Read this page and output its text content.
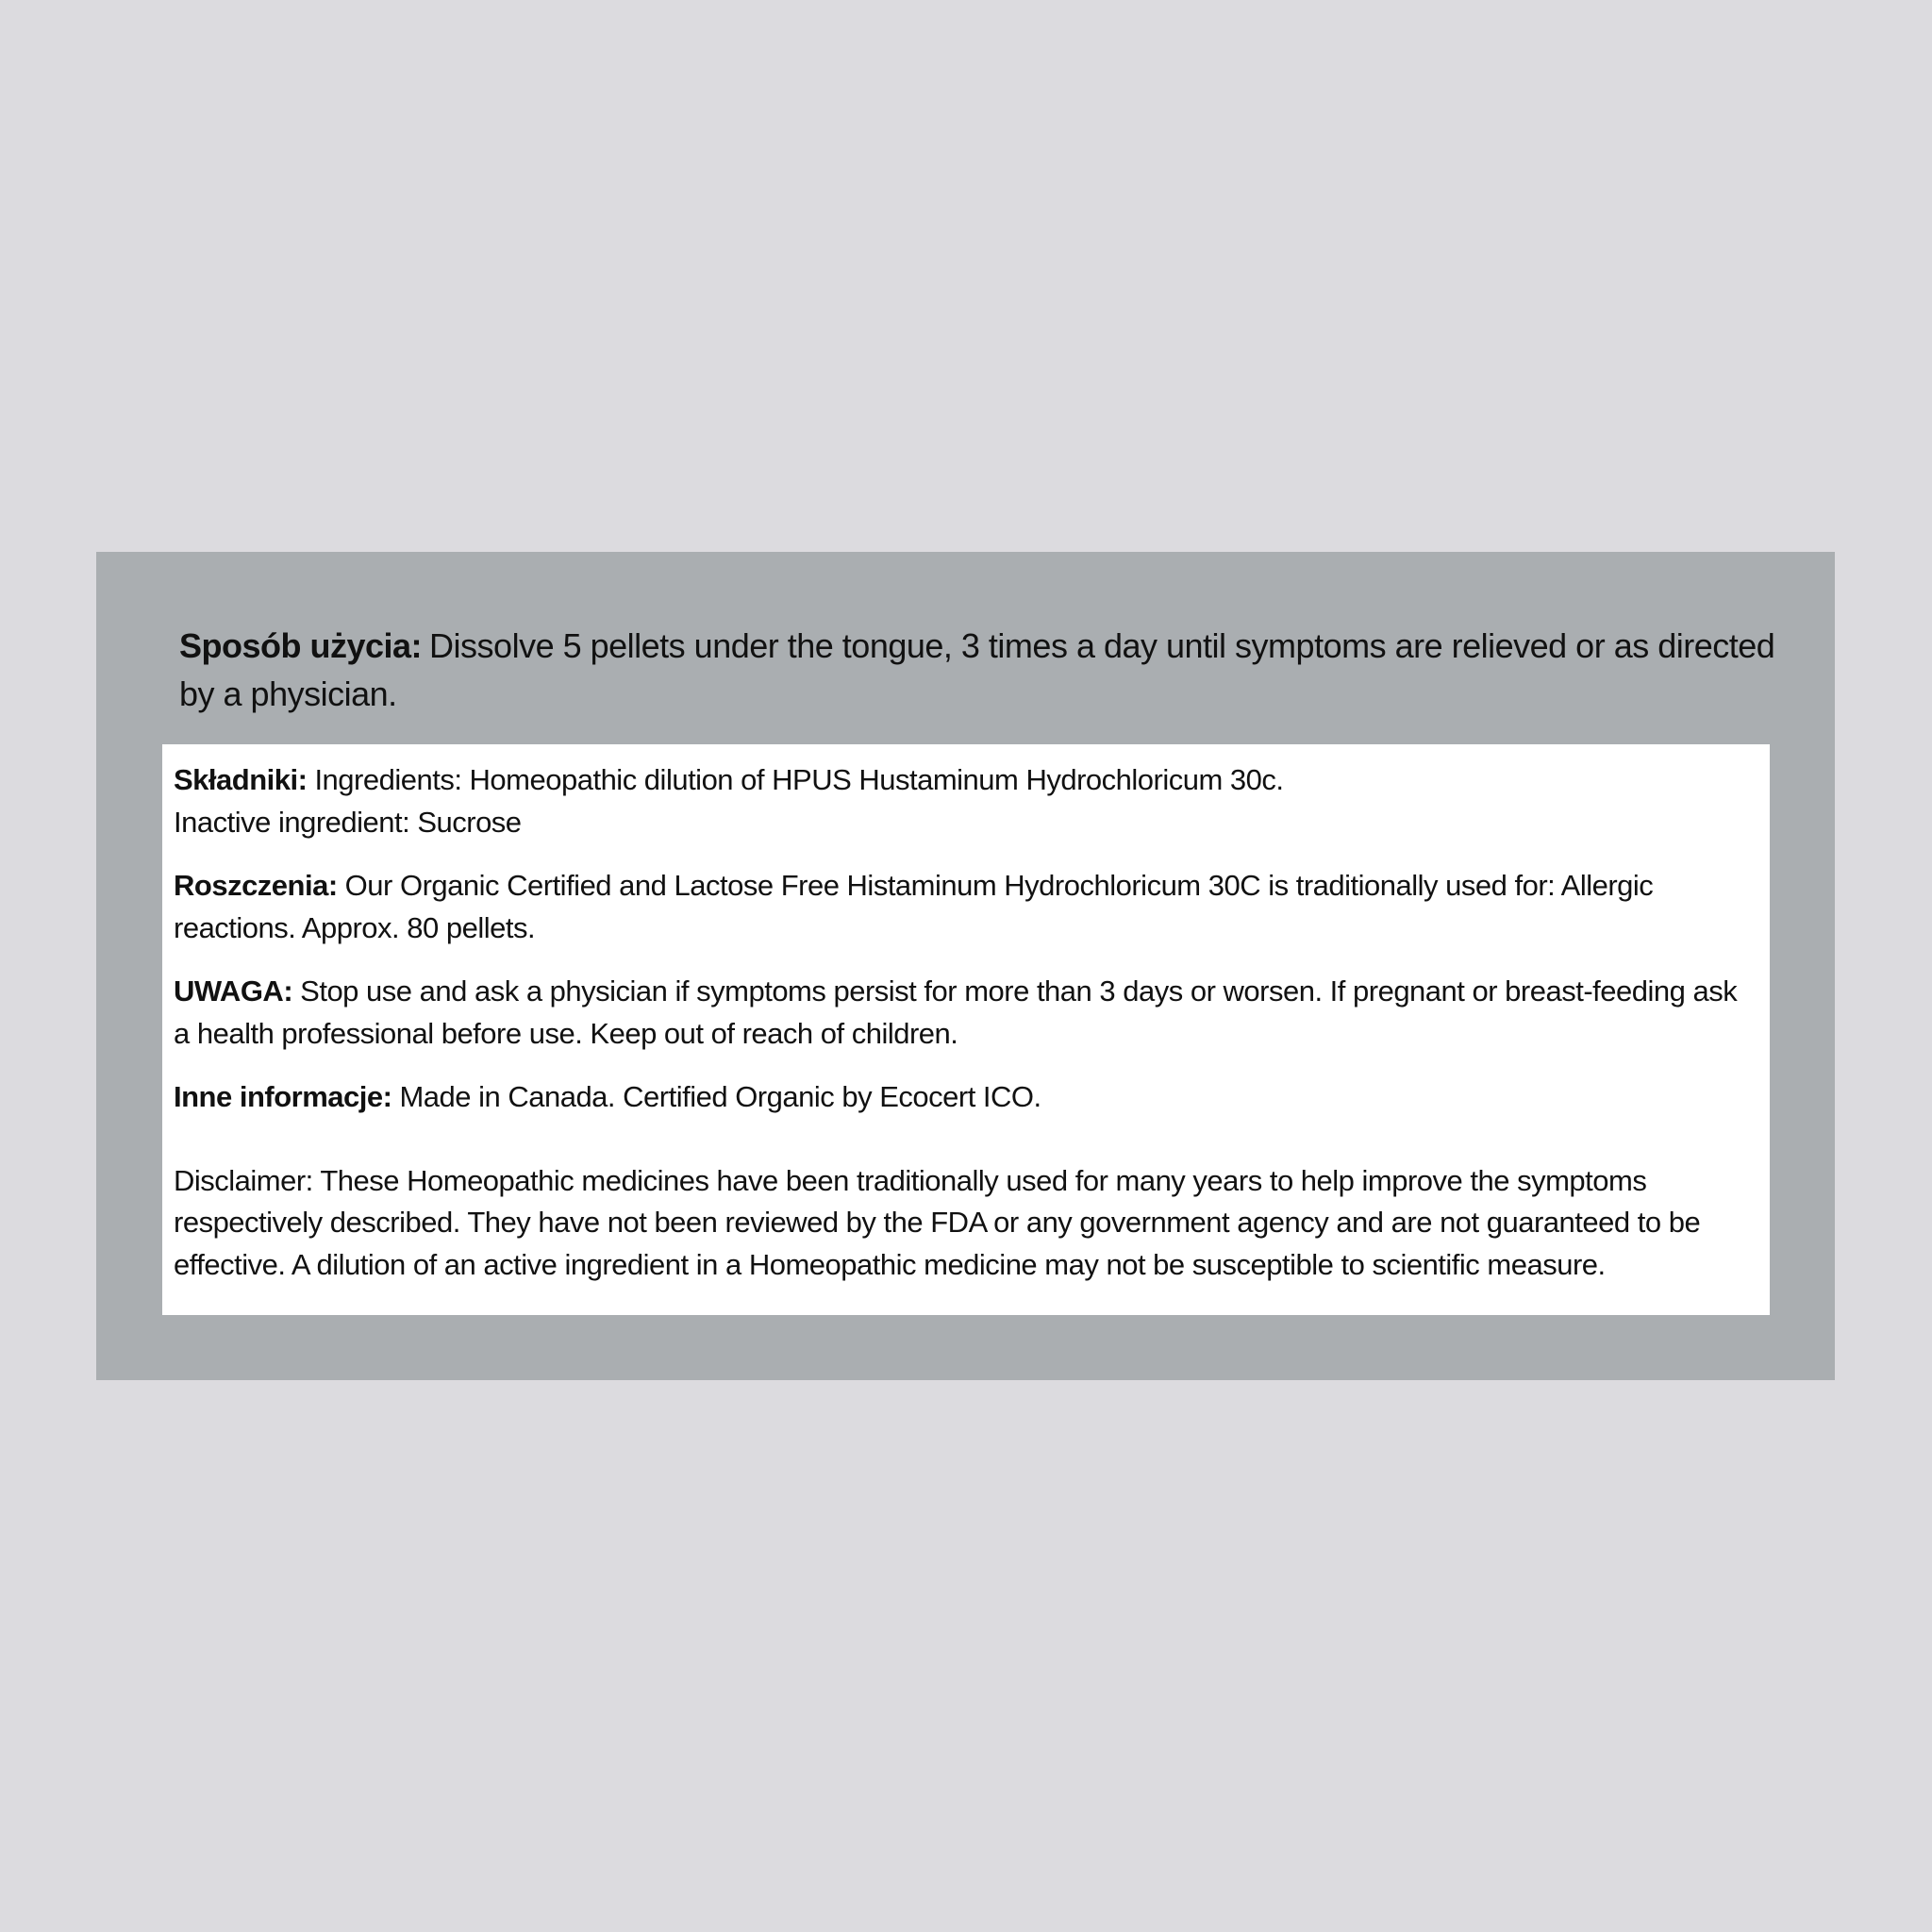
Sposób użycia: Dissolve 5 pellets under the tongue, 3 times a day until symptoms are relieved or as directed by a physician.
Składniki: Ingredients: Homeopathic dilution of HPUS Hustaminum Hydrochloricum 30c.
Inactive ingredient: Sucrose
Roszczenia: Our Organic Certified and Lactose Free Histaminum Hydrochloricum 30C is traditionally used for: Allergic reactions. Approx. 80 pellets.
UWAGA: Stop use and ask a physician if symptoms persist for more than 3 days or worsen. If pregnant or breast-feeding ask a health professional before use. Keep out of reach of children.
Inne informacje: Made in Canada. Certified Organic by Ecocert ICO.
Disclaimer: These Homeopathic medicines have been traditionally used for many years to help improve the symptoms respectively described. They have not been reviewed by the FDA or any government agency and are not guaranteed to be effective. A dilution of an active ingredient in a Homeopathic medicine may not be susceptible to scientific measure.
